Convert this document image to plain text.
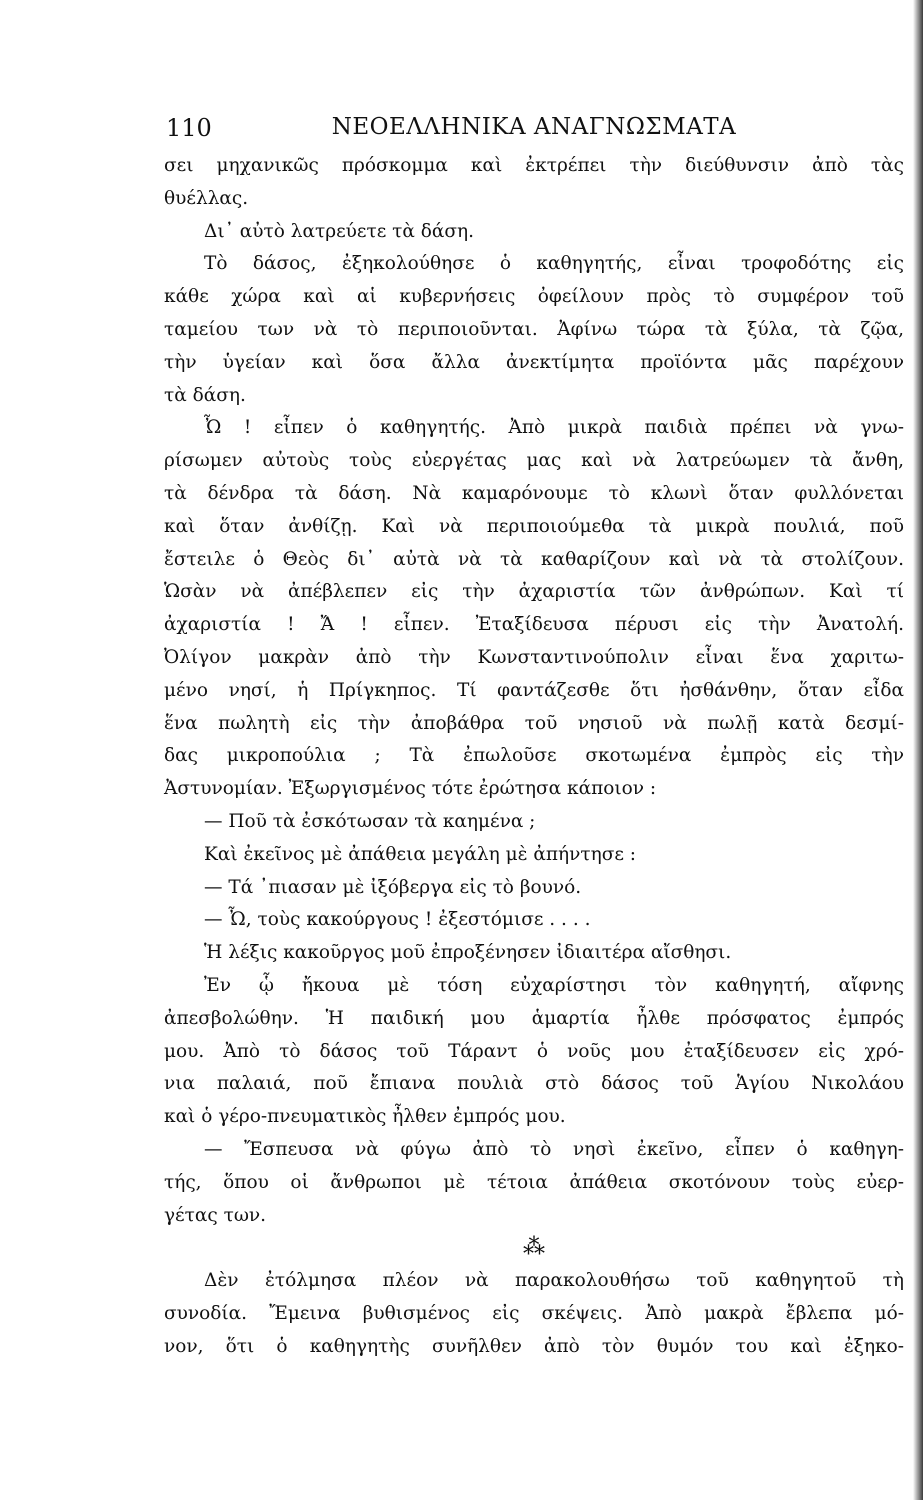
110	ΝΕΟΕΛΛΗΝΙΚΑ ΑΝΑΓΝΩΣΜΑΤΑ
σει μηχανικῶς πρόσκομμα καὶ ἐκτρέπει τὴν διεύθυνσιν ἀπὸ τὰς
θυέλλας.
Δι᾽ αὐτὸ λατρεύετε τὰ δάση.
Τὸ δάσος, ἐξηκολούθησε ὁ καθηγητής, εἶναι τροφοδότης εἰς
κάθε χώρα καὶ αἱ κυβερνήσεις ὀφείλουν πρὸς τὸ συμφέρον τοῦ
ταμείου των νὰ τὸ περιποιοῦνται. Ἀφίνω τώρα τὰ ξύλα, τὰ ζῷα,
τὴν ὑγείαν καὶ ὅσα ἄλλα ἀνεκτίμητα προϊόντα μᾶς παρέχουν
τὰ δάση.
Ὦ ! εἶπεν ὁ καθηγητής. Ἀπὸ μικρὰ παιδιὰ πρέπει νὰ γνω-
ρίσωμεν αὐτοὺς τοὺς εὐεργέτας μας καὶ νὰ λατρεύωμεν τὰ ἄνθη,
τὰ δένδρα τὰ δάση. Νὰ καμαρόνουμε τὸ κλωνὶ ὅταν φυλλόνεται
καὶ ὅταν ἀνθίζῃ. Καὶ νὰ περιποιούμεθα τὰ μικρὰ πουλιά, ποῦ
ἔστειλε ὁ Θεὸς δι᾽ αὐτὰ νὰ τὰ καθαρίζουν καὶ νὰ τὰ στολίζουν.
Ὡσὰν νὰ ἀπέβλεπεν εἰς τὴν ἀχαριστία τῶν ἀνθρώπων. Καὶ τί
ἀχαριστία ! Ἄ ! εἶπεν. Ἐταξίδευσα πέρυσι εἰς τὴν Ἀνατολή.
Ὀλίγον μακρὰν ἀπὸ τὴν Κωνσταντινούπολιν εἶναι ἕνα χαριτω-
μένο νησί, ἡ Πρίγκηπος. Τί φαντάζεσθε ὅτι ἠσθάνθην, ὅταν εἶδα
ἕνα πωλητὴ εἰς τὴν ἀποβάθρα τοῦ νησιοῦ νὰ πωλῇ κατὰ δεσμί-
δας μικροπούλια ; Τὰ ἐπωλοῦσε σκοτωμένα ἐμπρὸς εἰς τὴν
Ἀστυνομίαν. Ἐξωργισμένος τότε ἐρώτησα κάποιον :
— Ποῦ τὰ ἐσκότωσαν τὰ καημένα ;
Καὶ ἐκεῖνος μὲ ἀπάθεια μεγάλη μὲ ἀπήντησε :
— Τά ᾽πιασαν μὲ ἰξόβεργα εἰς τὸ βουνό.
— Ὦ, τοὺς κακούργους ! ἐξεστόμισε . . . .
Ἡ λέξις κακοῦργος μοῦ ἐπροξένησεν ἰδιαιτέρα αἴσθησι.
Ἐν ᾧ ἤκουα μὲ τόση εὐχαρίστησι τὸν καθηγητή, αἴφνης
ἀπεσβολώθην. Ἡ παιδική μου ἁμαρτία ἦλθε πρόσφατος ἐμπρός
μου. Ἀπὸ τὸ δάσος τοῦ Τάραντ ὁ νοῦς μου ἐταξίδευσεν εἰς χρό-
νια παλαιά, ποῦ ἔπιανα πουλιὰ στὸ δάσος τοῦ Ἁγίου Νικολάου
καὶ ὁ γέρο-πνευματικὸς ἦλθεν ἐμπρός μου.
— Ἔσπευσα νὰ φύγω ἀπὸ τὸ νησὶ ἐκεῖνο, εἶπεν ὁ καθηγη-
τής, ὅπου οἱ ἄνθρωποι μὲ τέτοια ἀπάθεια σκοτόνουν τοὺς εὐερ-
γέτας των.
⁂
Δὲν ἐτόλμησα πλέον νὰ παρακολουθήσω τοῦ καθηγητοῦ τὴ
συνοδία. Ἔμεινα βυθισμένος εἰς σκέψεις. Ἀπὸ μακρὰ ἔβλεπα μό-
νον, ὅτι ὁ καθηγητὴς συνῆλθεν ἀπὸ τὸν θυμόν του καὶ ἐξηκο-
